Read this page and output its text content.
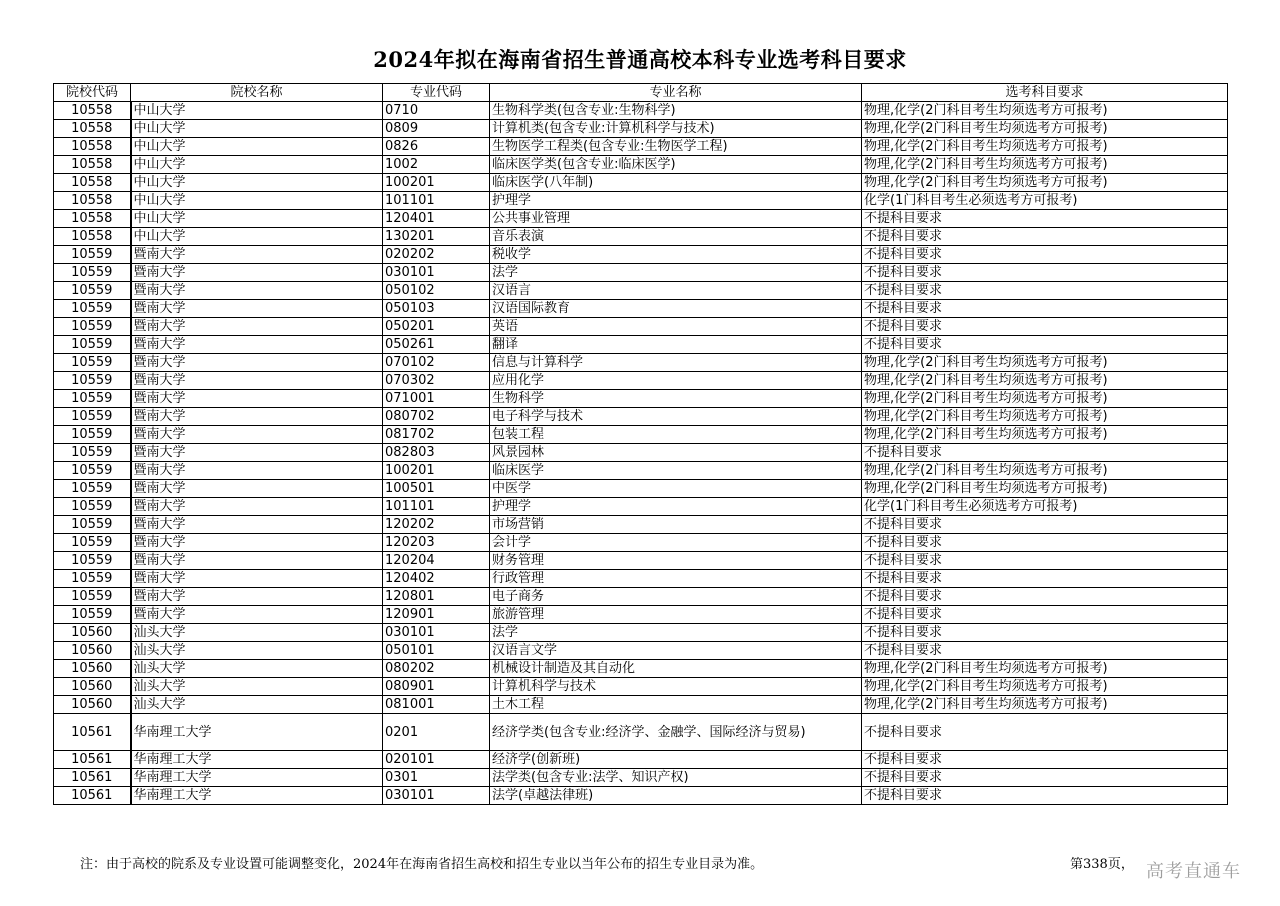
2024年拟在海南省招生普通高校本科专业选考科目要求
院校代码	院校名称	专业代码	专业名称	选考科目要求
10558	中山大学	0710	生物科学类(包含专业:生物科学)	物理,化学(2门科目考生均须选考方可报考)
10558	中山大学	0809	计算机类(包含专业:计算机科学与技术)	物理,化学(2门科目考生均须选考方可报考)
10558	中山大学	0826	生物医学工程类(包含专业:生物医学工程)	物理,化学(2门科目考生均须选考方可报考)
10558	中山大学	1002	临床医学类(包含专业:临床医学)	物理,化学(2门科目考生均须选考方可报考)
10558	中山大学	100201	临床医学(八年制)	物理,化学(2门科目考生均须选考方可报考)
10558	中山大学	101101	护理学	化学(1门科目考生必须选考方可报考)
10558	中山大学	120401	公共事业管理	不提科目要求
10558	中山大学	130201	音乐表演	不提科目要求
10559	暨南大学	020202	税收学	不提科目要求
10559	暨南大学	030101	法学	不提科目要求
10559	暨南大学	050102	汉语言	不提科目要求
10559	暨南大学	050103	汉语国际教育	不提科目要求
10559	暨南大学	050201	英语	不提科目要求
10559	暨南大学	050261	翻译	不提科目要求
10559	暨南大学	070102	信息与计算科学	物理,化学(2门科目考生均须选考方可报考)
10559	暨南大学	070302	应用化学	物理,化学(2门科目考生均须选考方可报考)
10559	暨南大学	071001	生物科学	物理,化学(2门科目考生均须选考方可报考)
10559	暨南大学	080702	电子科学与技术	物理,化学(2门科目考生均须选考方可报考)
10559	暨南大学	081702	包装工程	物理,化学(2门科目考生均须选考方可报考)
10559	暨南大学	082803	风景园林	不提科目要求
10559	暨南大学	100201	临床医学	物理,化学(2门科目考生均须选考方可报考)
10559	暨南大学	100501	中医学	物理,化学(2门科目考生均须选考方可报考)
10559	暨南大学	101101	护理学	化学(1门科目考生必须选考方可报考)
10559	暨南大学	120202	市场营销	不提科目要求
10559	暨南大学	120203	会计学	不提科目要求
10559	暨南大学	120204	财务管理	不提科目要求
10559	暨南大学	120402	行政管理	不提科目要求
10559	暨南大学	120801	电子商务	不提科目要求
10559	暨南大学	120901	旅游管理	不提科目要求
10560	汕头大学	030101	法学	不提科目要求
10560	汕头大学	050101	汉语言文学	不提科目要求
10560	汕头大学	080202	机械设计制造及其自动化	物理,化学(2门科目考生均须选考方可报考)
10560	汕头大学	080901	计算机科学与技术	物理,化学(2门科目考生均须选考方可报考)
10560	汕头大学	081001	土木工程	物理,化学(2门科目考生均须选考方可报考)
10561	华南理工大学	0201	经济学类(包含专业:经济学、金融学、国际经济与贸易)	不提科目要求
10561	华南理工大学	020101	经济学(创新班)	不提科目要求
10561	华南理工大学	0301	法学类(包含专业:法学、知识产权)	不提科目要求
10561	华南理工大学	030101	法学(卓越法律班)	不提科目要求
注：由于高校的院系及专业设置可能调整变化，2024年在海南省招生高校和招生专业以当年公布的招生专业目录为准。	第338页， 高考直通车
